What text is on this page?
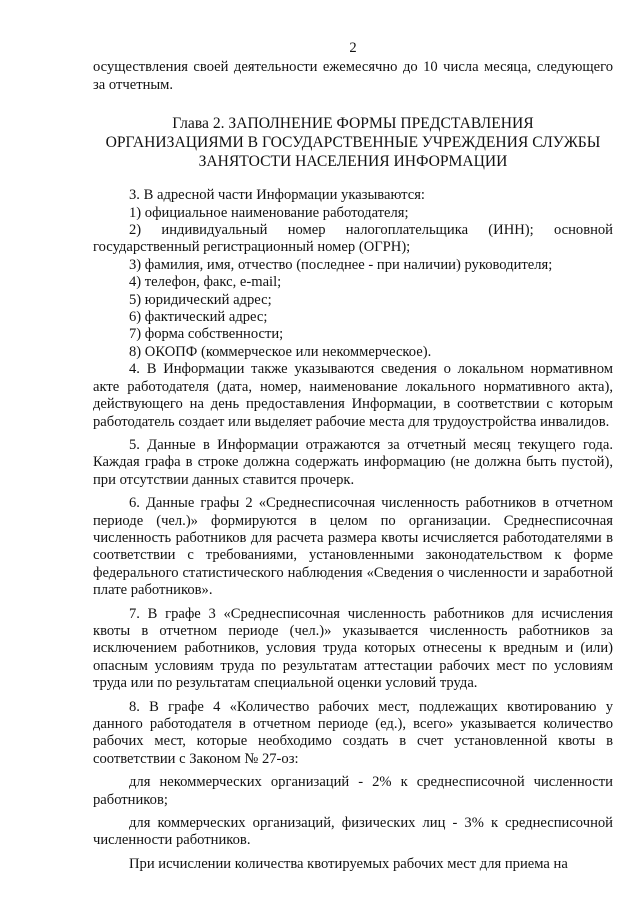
2

осуществления своей деятельности ежемесячно до 10 числа месяца, следующего за отчетным.

Глава 2. ЗАПОЛНЕНИЕ ФОРМЫ ПРЕДСТАВЛЕНИЯ
ОРГАНИЗАЦИЯМИ В ГОСУДАРСТВЕННЫЕ УЧРЕЖДЕНИЯ СЛУЖБЫ
ЗАНЯТОСТИ НАСЕЛЕНИЯ ИНФОРМАЦИИ

3. В адресной части Информации указываются:

1) официальное наименование работодателя;

2) индивидуальный номер налогоплательщика (ИНН); основной государственный регистрационный номер (ОГРН);

3) фамилия, имя, отчество (последнее - при наличии) руководителя;

4) телефон, факс, e-mail;

5) юридический адрес;

6) фактический адрес;

7) форма собственности;

8) ОКОПФ (коммерческое или некоммерческое).

4. В Информации также указываются сведения о локальном нормативном акте работодателя (дата, номер, наименование локального нормативного акта), действующего на день предоставления Информации, в соответствии с которым работодатель создает или выделяет рабочие места для трудоустройства инвалидов.

5. Данные в Информации отражаются за отчетный месяц текущего года. Каждая графа в строке должна содержать информацию (не должна быть пустой), при отсутствии данных ставится прочерк.

6. Данные графы 2 «Среднесписочная численность работников в отчетном периоде (чел.)» формируются в целом по организации. Среднесписочная численность работников для расчета размера квоты исчисляется работодателями в соответствии с требованиями, установленными законодательством к форме федерального статистического наблюдения «Сведения о численности и заработной плате работников».

7. В графе 3 «Среднесписочная численность работников для исчисления квоты в отчетном периоде (чел.)» указывается численность работников за исключением работников, условия труда которых отнесены к вредным и (или) опасным условиям труда по результатам аттестации рабочих мест по условиям труда или по результатам специальной оценки условий труда.

8. В графе 4 «Количество рабочих мест, подлежащих квотированию у данного работодателя в отчетном периоде (ед.), всего» указывается количество рабочих мест, которые необходимо создать в счет установленной квоты в соответствии с Законом № 27-оз:

для некоммерческих организаций - 2% к среднесписочной численности работников;

для коммерческих организаций, физических лиц - 3% к среднесписочной численности работников.

При исчислении количества квотируемых рабочих мест для приема на
